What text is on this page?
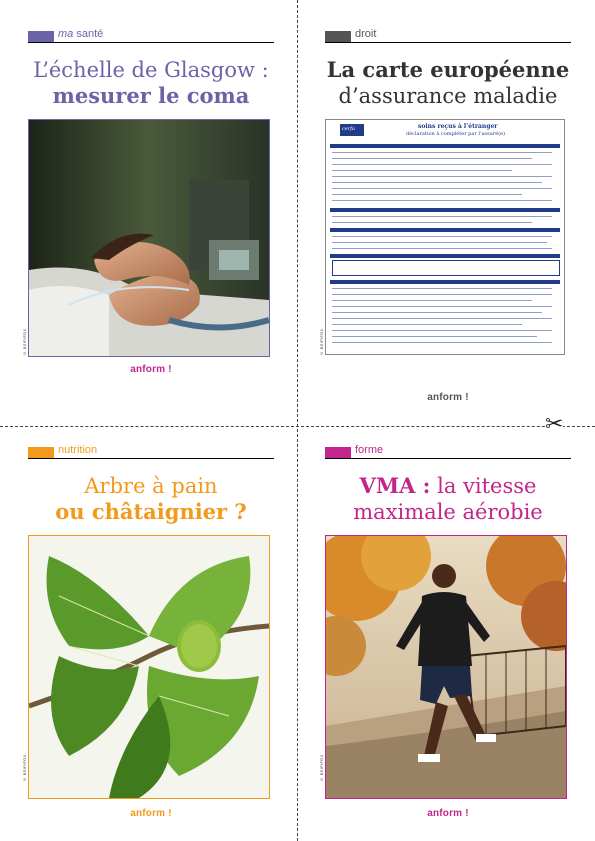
✂
ma santé
L’échelle de Glasgow :
mesurer le coma
© BSIP/FOX
anform !
droit
La carte européenne
d’assurance maladie
cerfa	soins reçus à l’étranger
déclaration à compléter par l’assuré(e)
© BSIP/FOX
anform !
nutrition
Arbre à pain
ou châtaignier ?
© BSIP/FOX
anform !
forme
VMA : la vitesse
maximale aérobie
© BSIP/FOX
anform !
